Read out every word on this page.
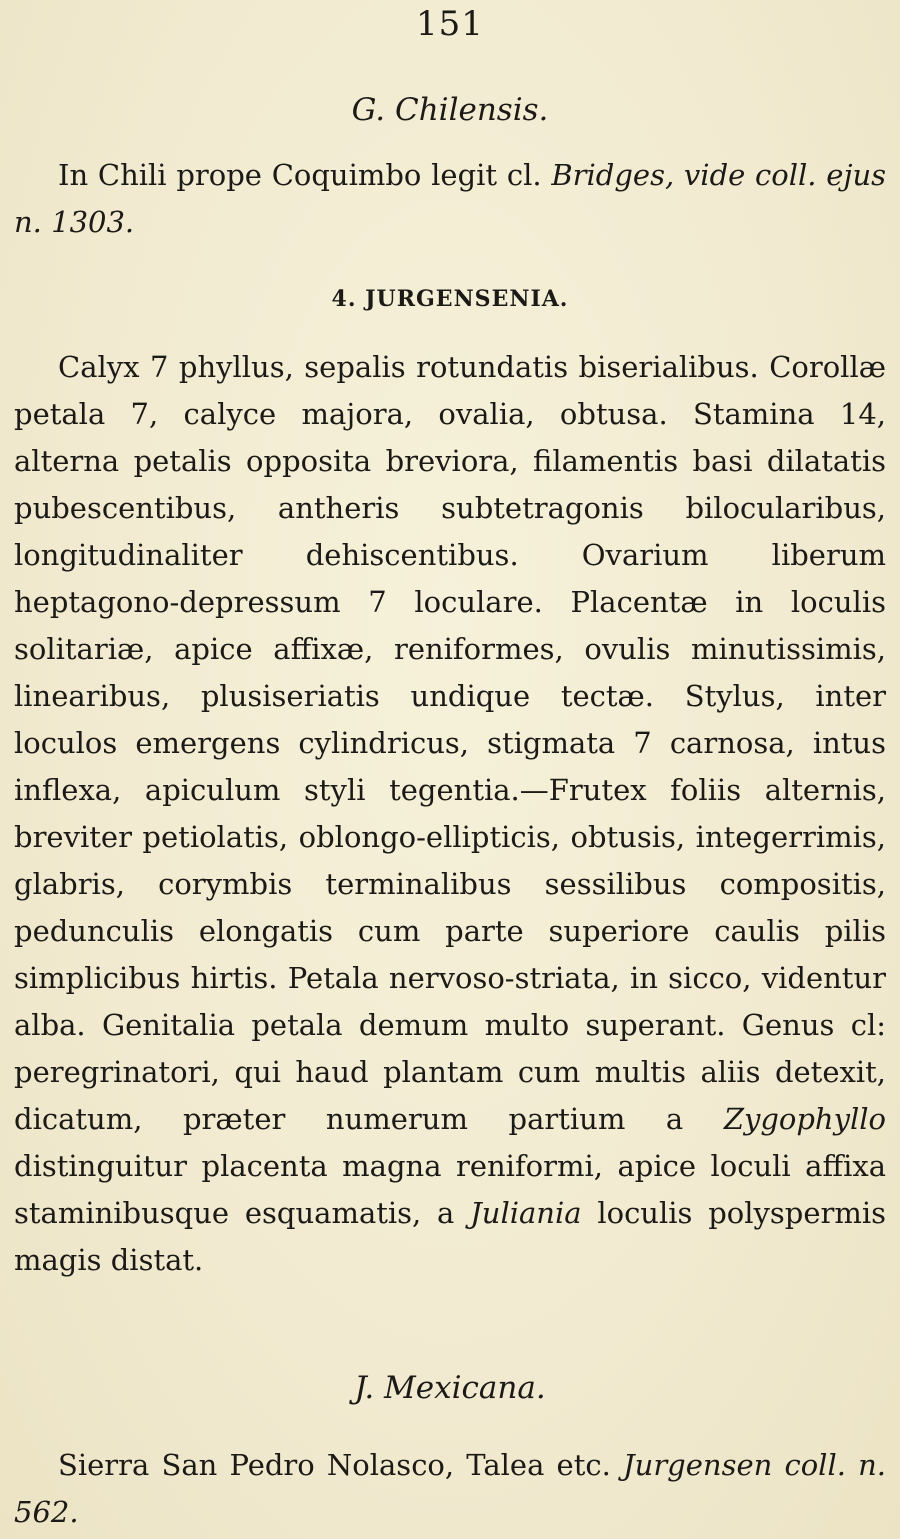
151
G. Chilensis.
In Chili prope Coquimbo legit cl. Bridges, vide coll. ejus n. 1303.
4. JURGENSENIA.
Calyx 7 phyllus, sepalis rotundatis biserialibus. Corollæ petala 7, calyce majora, ovalia, obtusa. Stamina 14, alterna petalis opposita breviora, filamentis basi dilatatis pubescentibus, antheris subtetragonis bilocularibus, longitudinaliter dehiscentibus. Ovarium liberum heptagono-depressum 7 loculare. Placentæ in loculis solitariæ, apice affixæ, reniformes, ovulis minutissimis, linearibus, plusiseriatis undique tectæ. Stylus, inter loculos emergens cylindricus, stigmata 7 carnosa, intus inflexa, apiculum styli tegentia.—Frutex foliis alternis, breviter petiolatis, oblongo-ellipticis, obtusis, integerrimis, glabris, corymbis terminalibus sessilibus compositis, pedunculis elongatis cum parte superiore caulis pilis simplicibus hirtis. Petala nervoso-striata, in sicco, videntur alba. Genitalia petala demum multo superant. Genus cl: peregrinatori, qui haud plantam cum multis aliis detexit, dicatum, præter numerum partium a Zygophyllo distinguitur placenta magna reniformi, apice loculi affixa staminibusque esquamatis, a Juliania loculis polyspermis magis distat.
J. Mexicana.
Sierra San Pedro Nolasco, Talea etc. Jurgensen coll. n. 562.
